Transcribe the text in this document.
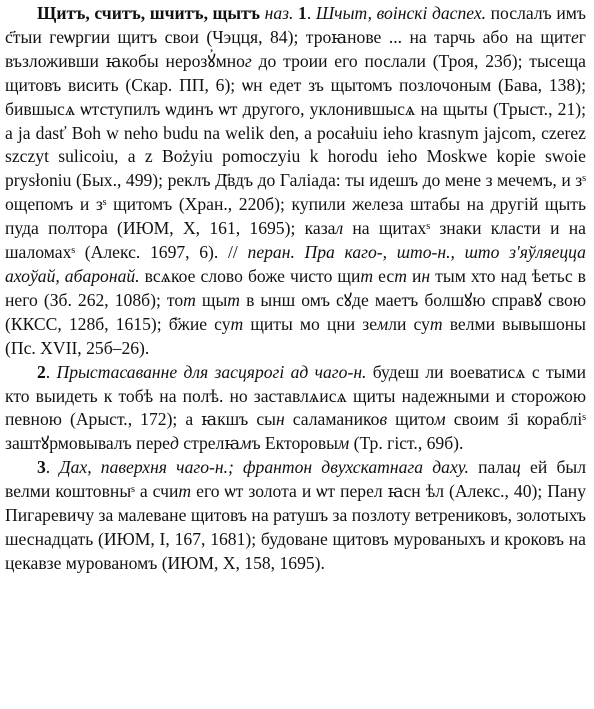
Щитъ, считъ, шчитъ, щытъ наз. 1. Шчыт, воінскі даспех. послалъ имъ с҃тыи геѡргии щитъ свои (Чэцця, 84); троꙗнове ... на тарчь або на щитег възложивши ꙗкобы нерозꙋ҆мног до троии его послали (Троя, 23б); тысеща щитовъ висить (Скар. ПП, 6); ѡн едет зъ щытомъ позлочоным (Бава, 138); бившысѧ ѡтступилъ ѡдинъ ѡт другого, уклонившысѧ на щыты (Трыст., 21); a ja dasť Boh w neho budu na welik den, a pocałuiu ieho krasnym jajcom, czerez szczyt sulicoiu, a z Bożyiu pomoczyiu k horodu ieho Moskwe kopie swoie prysłoniu (Бых., 499); реклъ Д҃вдъ до Галіада: ты идешъ до мене з мечемъ, и зˢ ощепомъ и зˢ щитомъ (Хран., 220б); купили железа штабы на другій щыть пуда полтора (ИЮМ, X, 161, 1695); казал на щитахˢ знаки класти и на шаломахˢ (Алекс. 1697, 6). // перан. Пра каго-, што-н., што з'яўляецца ахоўай, абаронай. всѧкое слово боже чисто щит ест ин тым хто над ѣетьс в него (Зб. 262, 108б); тот щыт в ынш омъ сꙋде маетъ болшꙋю справꙋ свою (ККСС, 128б, 1615); б҃жие сут щиты мо цни земли сут велми вывышоны (Пс. XVII, 25б–26).

2. Прыстасаванне для засцярогі ад чаго-н. будеш ли воеватисѧ с тыми кто выидеть к тобѣ на полѣ. но заставлѧисѧ щиты надежными и сторожою певною (Арыст., 172); а ꙗкшъ сын саламаников щитом своим з҃і корабліˢ заштꙋрмовывалъ перед стрелꙗмъ Екторовым (Тр. гіст., 69б).

3. Дах, паверхня чаго-н.; франтон двухскатнага даху. палац ей был велми коштовныˢ а счит его ѡт золота и ѡт перел ꙗсн ѣл (Алекс., 40); Пану Пигаревичу за малеване щитовъ на ратушъ за позлоту ветрениковъ, золотыхъ шеснадцать (ИЮМ, I, 167, 1681); будоване щитовъ мурованыхъ и кроковъ на цекавзе мурованомъ (ИЮМ, X, 158, 1695).
